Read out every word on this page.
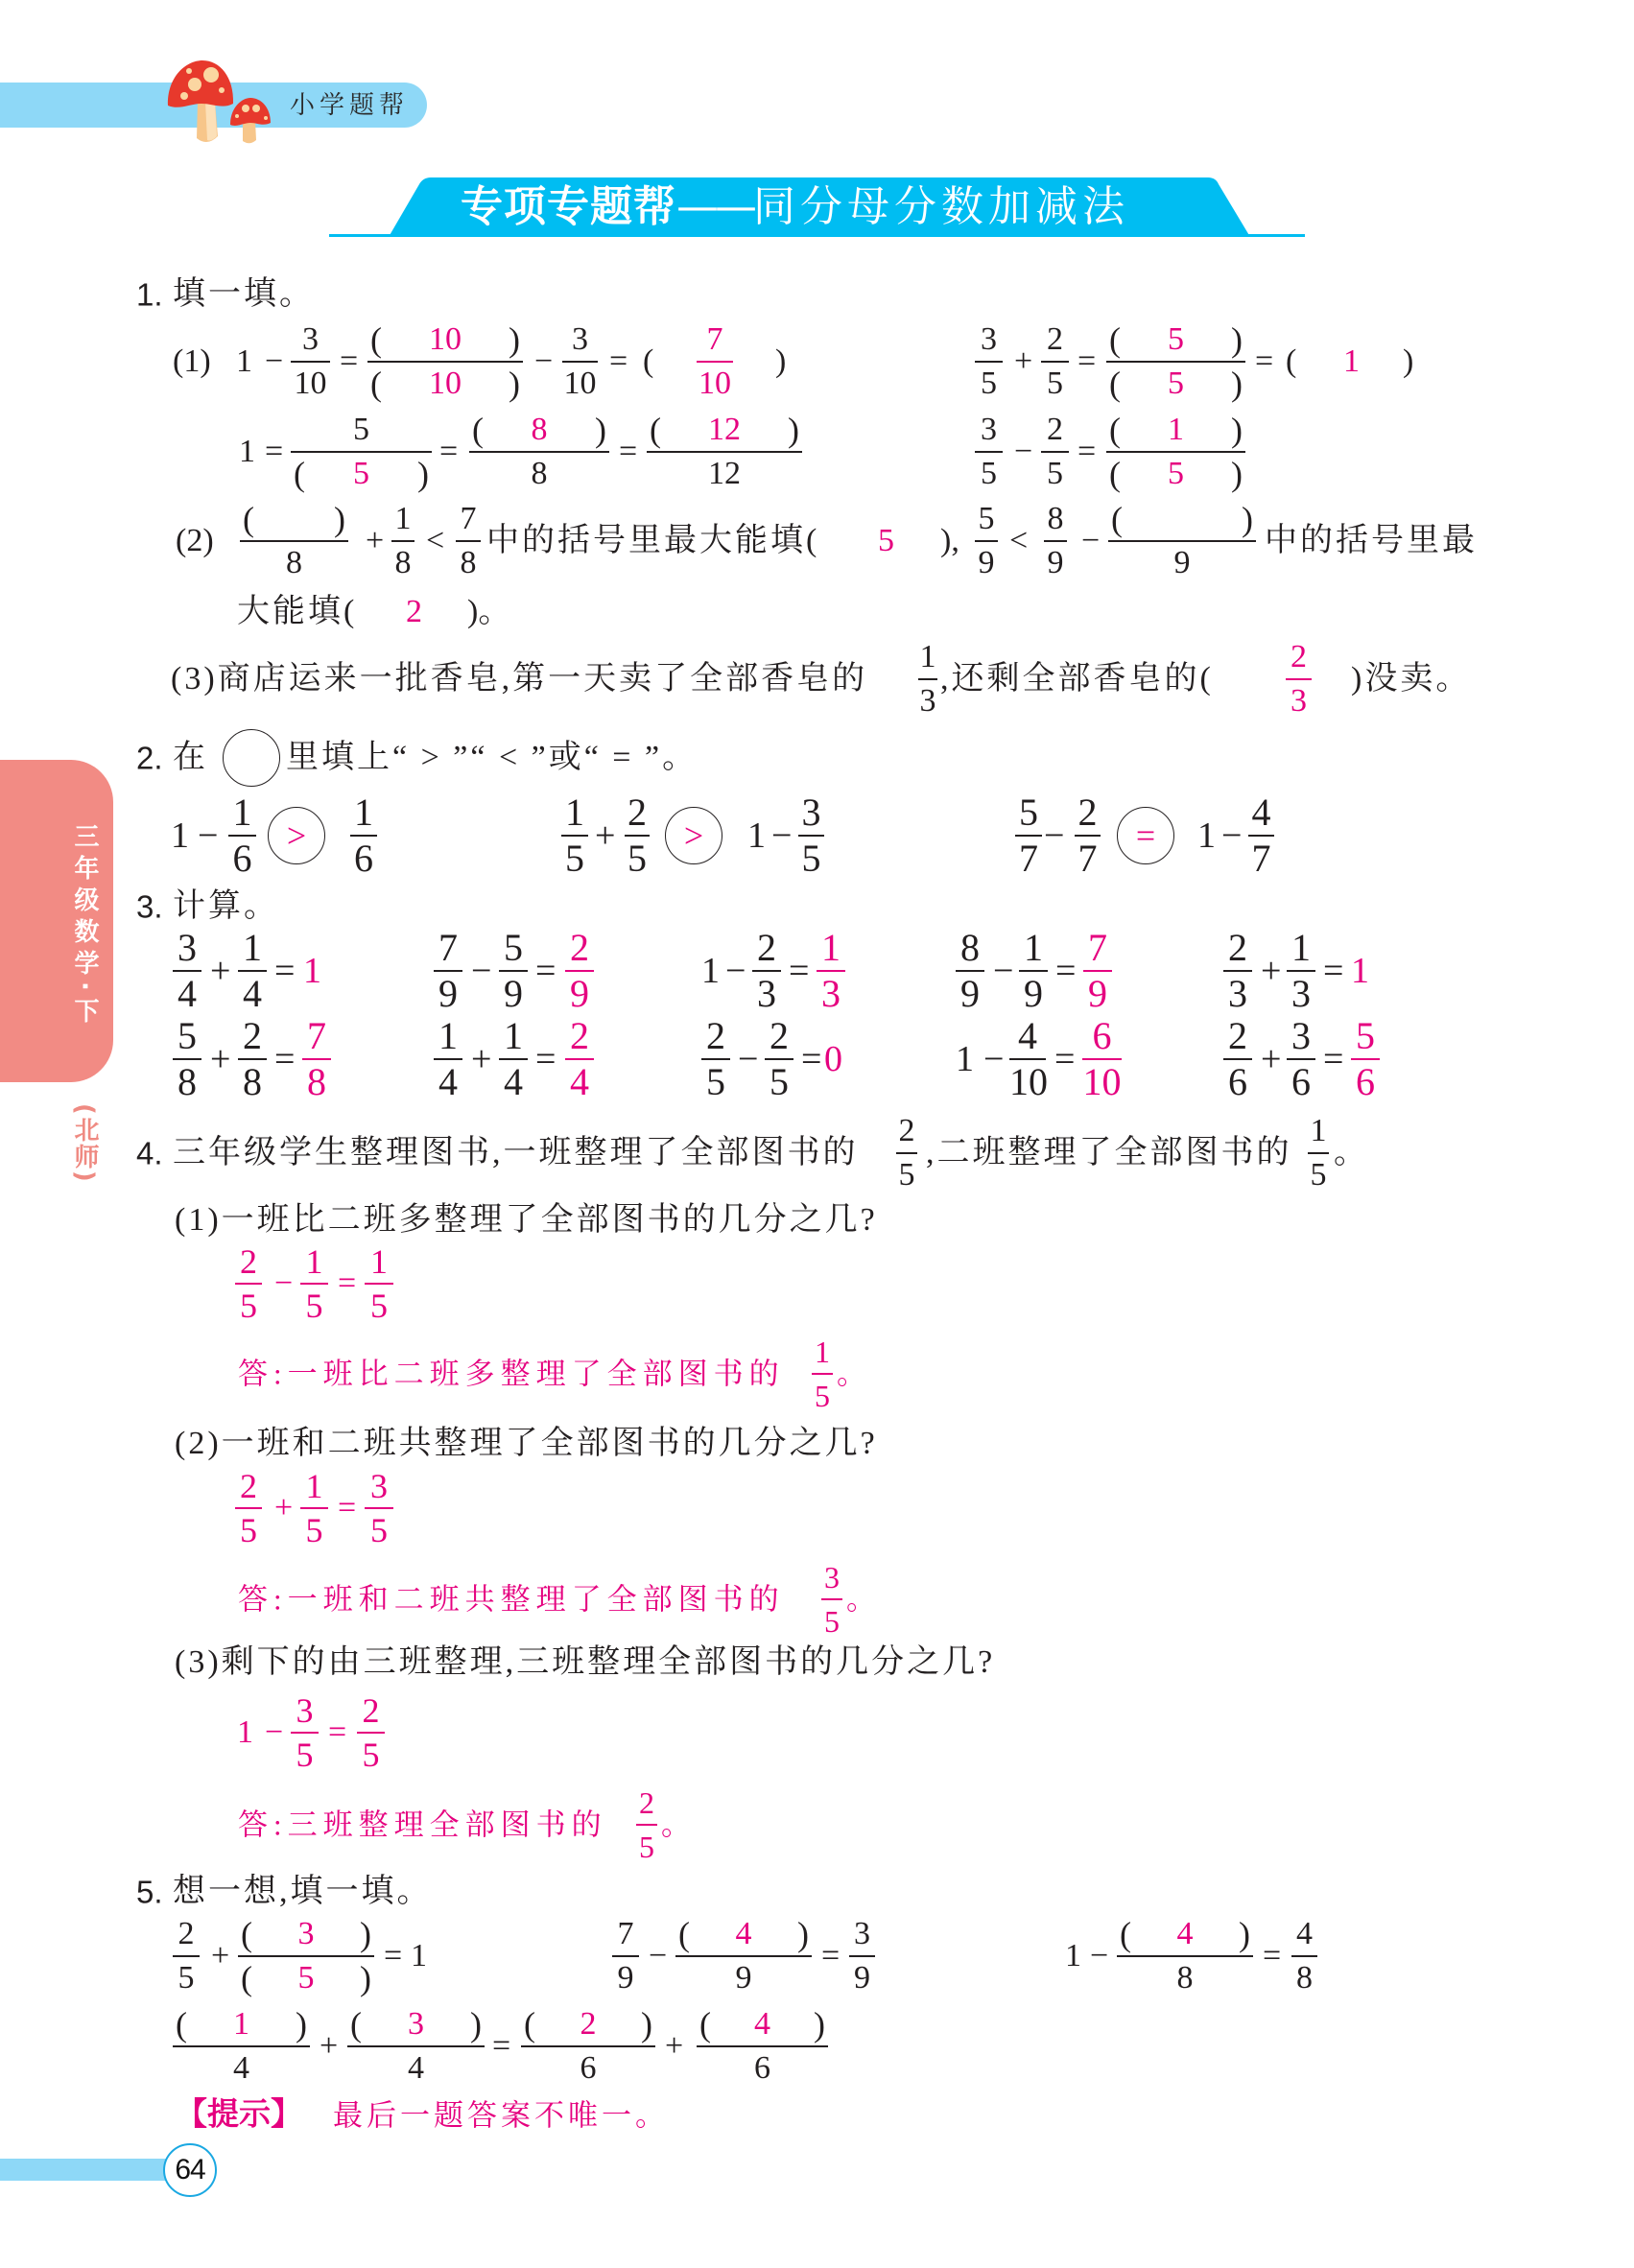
小学题帮
专项专题帮——同分母分数加减法
三年级数学·下
(北师)
1. 填一填。
(1) 1 −
3
10
=
( 10 )
( 10 )
−
3
10
= (
7
10
)
3
5
+
2
5
=
( 5 )
( 5 )
= ( 1 )
1 =
5
( 5 )
=
( 8 )
8
=
( 12 )
12
3
5
−
2
5
=
( 1 )
( 5 )
(2)
( )
8
+
1
8
<
7
8
中的括号里最大能填( 5 ),
5
9
<
8
9
−
( )
9
中的括号里最
大能填( 2 )。
(3)商店运来一批香皂,第一天卖了全部香皂的
1
3
,还剩全部香皂的(
2
3
)没卖。
2. 在 里填上“ > ”“ < ”或“ = ”。
1 −
1
6
>
1
6
1
5
+
2
5
>	1 −
3
5
5
7
−
2
7
=	1 −
4
7
3. 计算。
3
4
+
1
4
= 1
7
9
−
5
9
=
2
9
1 −
2
3
=
1
3
8
9
−
1
9
=
7
9
2
3
+
1
3
= 1
5
8
+
2
8
=
7
8
1
4
+
1
4
=
2
4
2
5
−
2
5
= 0	1 −
4
10
=
6
10
2
6
+
3
6
=
5
6
4. 三年级学生整理图书,一班整理了全部图书的
2
5
,二班整理了全部图书的
1
5
。
(1)一班比二班多整理了全部图书的几分之几?
2
5
−
1
5
=
1
5
答:一班比二班多整理了全部图书的
1
5
。
(2)一班和二班共整理了全部图书的几分之几?
2
5
+
1
5
=
3
5
答:一班和二班共整理了全部图书的
3
5
。
(3)剩下的由三班整理,三班整理全部图书的几分之几?
1 −
3
5
=
2
5
答:三班整理全部图书的
2
5
。
5. 想一想,填一填。
2
5
+
( 3 )
( 5 )
= 1
7
9
−
( 4 )
9
=
3
9
1 −
( 4 )
8
=
4
8
( 1 )
4
+
( 3 )
4
=
( 2 )
6
+
( 4 )
6
【提示】 最后一题答案不唯一。
64
